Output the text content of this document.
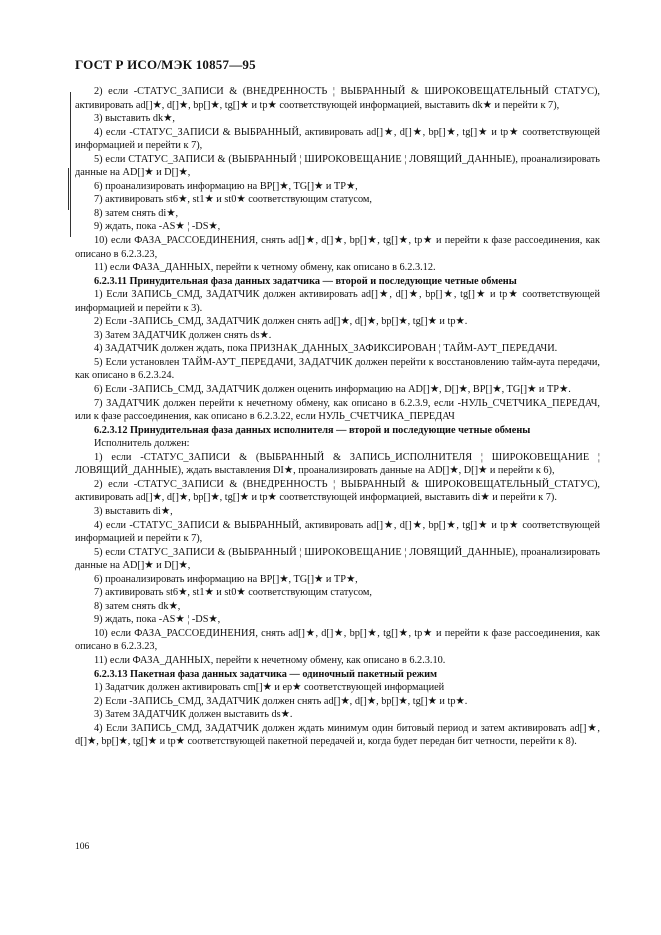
ГОСТ Р ИСО/МЭК 10857—95

2) если -СТАТУС_ЗАПИСИ & (ВНЕДРЕННОСТЬ ¦ ВЫБРАННЫЙ & ШИРОКОВЕЩАТЕЛЬНЫЙ СТАТУС), активировать ad[]★, d[]★, bp[]★, tg[]★ и tp★ соответствующей информацией, выставить dk★ и перейти к 7),

3) выставить dk★,

4) если -СТАТУС_ЗАПИСИ & ВЫБРАННЫЙ, активировать ad[]★, d[]★, bp[]★, tg[]★ и tp★ соответствующей информацией и перейти к 7),

5) если СТАТУС_ЗАПИСИ & (ВЫБРАННЫЙ ¦ ШИРОКОВЕЩАНИЕ ¦ ЛОВЯЩИЙ_ДАННЫЕ), проанализировать данные на AD[]★ и D[]★,

6) проанализировать информацию на BP[]★, TG[]★ и TP★,

7) активировать st6★, st1★ и st0★ соответствующим статусом,

8) затем снять di★,

9) ждать, пока -AS★ ¦ -DS★,

10) если ФАЗА_РАССОЕДИНЕНИЯ, снять ad[]★, d[]★, bp[]★, tg[]★, tp★ и перейти к фазе рассоединения, как описано в 6.2.3.23,

11) если ФАЗА_ДАННЫХ, перейти к четному обмену, как описано в 6.2.3.12.

6.2.3.11 Принудительная фаза данных задатчика — второй и последующие четные обмены

1) Если ЗАПИСЬ_СМД, ЗАДАТЧИК должен активировать ad[]★, d[]★, bp[]★, tg[]★ и tp★ соответствующей информацией и перейти к 3).

2) Если -ЗАПИСЬ_СМД, ЗАДАТЧИК должен снять ad[]★, d[]★, bp[]★, tg[]★ и tp★.

3) Затем ЗАДАТЧИК должен снять ds★.

4) ЗАДАТЧИК должен ждать, пока ПРИЗНАК_ДАННЫХ_ЗАФИКСИРОВАН ¦ ТАЙМ-АУТ_ПЕРЕДАЧИ.

5) Если установлен ТАЙМ-АУТ_ПЕРЕДАЧИ, ЗАДАТЧИК должен перейти к восстановлению тайм-аута передачи, как описано в 6.2.3.24.

6) Если -ЗАПИСЬ_СМД, ЗАДАТЧИК должен оценить информацию на AD[]★, D[]★, BP[]★, TG[]★ и TP★.

7) ЗАДАТЧИК должен перейти к нечетному обмену, как описано в 6.2.3.9, если -НУЛЬ_СЧЕТЧИКА_ПЕРЕДАЧ, или к фазе рассоединения, как описано в 6.2.3.22, если НУЛЬ_СЧЕТЧИКА_ПЕРЕДАЧ

6.2.3.12 Принудительная фаза данных исполнителя — второй и последующие четные обмены

Исполнитель должен:

1) если -СТАТУС_ЗАПИСИ & (ВЫБРАННЫЙ & ЗАПИСЬ_ИСПОЛНИТЕЛЯ ¦ ШИРОКОВЕЩАНИЕ ¦ ЛОВЯЩИЙ_ДАННЫЕ), ждать выставления DI★, проанализировать данные на AD[]★, D[]★ и перейти к 6),

2) если -СТАТУС_ЗАПИСИ & (ВНЕДРЕННОСТЬ ¦ ВЫБРАННЫЙ & ШИРОКОВЕЩАТЕЛЬНЫЙ_СТАТУС), активировать ad[]★, d[]★, bp[]★, tg[]★ и tp★ соответствующей информацией, выставить di★ и перейти к 7).

3) выставить di★,

4) если -СТАТУС_ЗАПИСИ & ВЫБРАННЫЙ, активировать ad[]★, d[]★, bp[]★, tg[]★ и tp★ соответствующей информацией и перейти к 7),

5) если СТАТУС_ЗАПИСИ & (ВЫБРАННЫЙ ¦ ШИРОКОВЕЩАНИЕ ¦ ЛОВЯЩИЙ_ДАННЫЕ), проанализировать данные на AD[]★ и D[]★,

6) проанализировать информацию на BP[]★, TG[]★ и TP★,

7) активировать st6★, st1★ и st0★ соответствующим статусом,

8) затем снять dk★,

9) ждать, пока -AS★ ¦ -DS★,

10) если ФАЗА_РАССОЕДИНЕНИЯ, снять ad[]★, d[]★, bp[]★, tg[]★, tp★ и перейти к фазе рассоединения, как описано в 6.2.3.23,

11) если ФАЗА_ДАННЫХ, перейти к нечетному обмену, как описано в 6.2.3.10.

6.2.3.13 Пакетная фаза данных задатчика — одиночный пакетный режим

1) Задатчик должен активировать cm[]★ и ep★ соответствующей информацией

2) Если -ЗАПИСЬ_СМД, ЗАДАТЧИК должен снять ad[]★, d[]★, bp[]★, tg[]★ и tp★.

3) Затем ЗАДАТЧИК должен выставить ds★.

4) Если ЗАПИСЬ_СМД, ЗАДАТЧИК должен ждать минимум один битовый период и затем активировать ad[]★, d[]★, bp[]★, tg[]★ и tp★ соответствующей пакетной передачей и, когда будет передан бит четности, перейти к 8).

106
